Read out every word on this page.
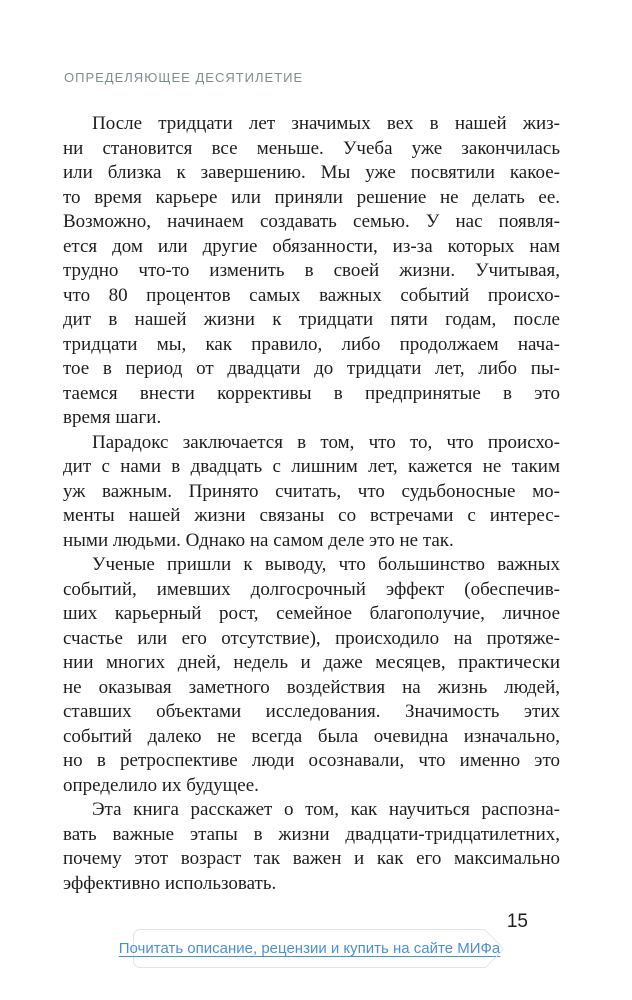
ОПРЕДЕЛЯЮЩЕЕ ДЕСЯТИЛЕТИЕ
После тридцати лет значимых вех в нашей жиз-
ни становится все меньше. Учеба уже закончилась
или близка к завершению. Мы уже посвятили какое-
то время карьере или приняли решение не делать ее.
Возможно, начинаем создавать семью. У нас появля-
ется дом или другие обязанности, из-за которых нам
трудно что-то изменить в своей жизни. Учитывая,
что 80 процентов самых важных событий происхо-
дит в нашей жизни к тридцати пяти годам, после
тридцати мы, как правило, либо продолжаем нача-
тое в период от двадцати до тридцати лет, либо пы-
таемся внести коррективы в предпринятые в это
время шаги.
Парадокс заключается в том, что то, что происхо-
дит с нами в двадцать с лишним лет, кажется не таким
уж важным. Принято считать, что судьбоносные мо-
менты нашей жизни связаны со встречами с интерес-
ными людьми. Однако на самом деле это не так.
Ученые пришли к выводу, что большинство важных
событий, имевших долгосрочный эффект (обеспечив-
ших карьерный рост, семейное благополучие, личное
счастье или его отсутствие), происходило на протяже-
нии многих дней, недель и даже месяцев, практически
не оказывая заметного воздействия на жизнь людей,
ставших объектами исследования. Значимость этих
событий далеко не всегда была очевидна изначально,
но в ретроспективе люди осознавали, что именно это
определило их будущее.
Эта книга расскажет о том, как научиться распозна-
вать важные этапы в жизни двадцати-тридцатилетних,
почему этот возраст так важен и как его максимально
эффективно использовать.
15
Почитать описание, рецензии и купить на сайте МИФа
